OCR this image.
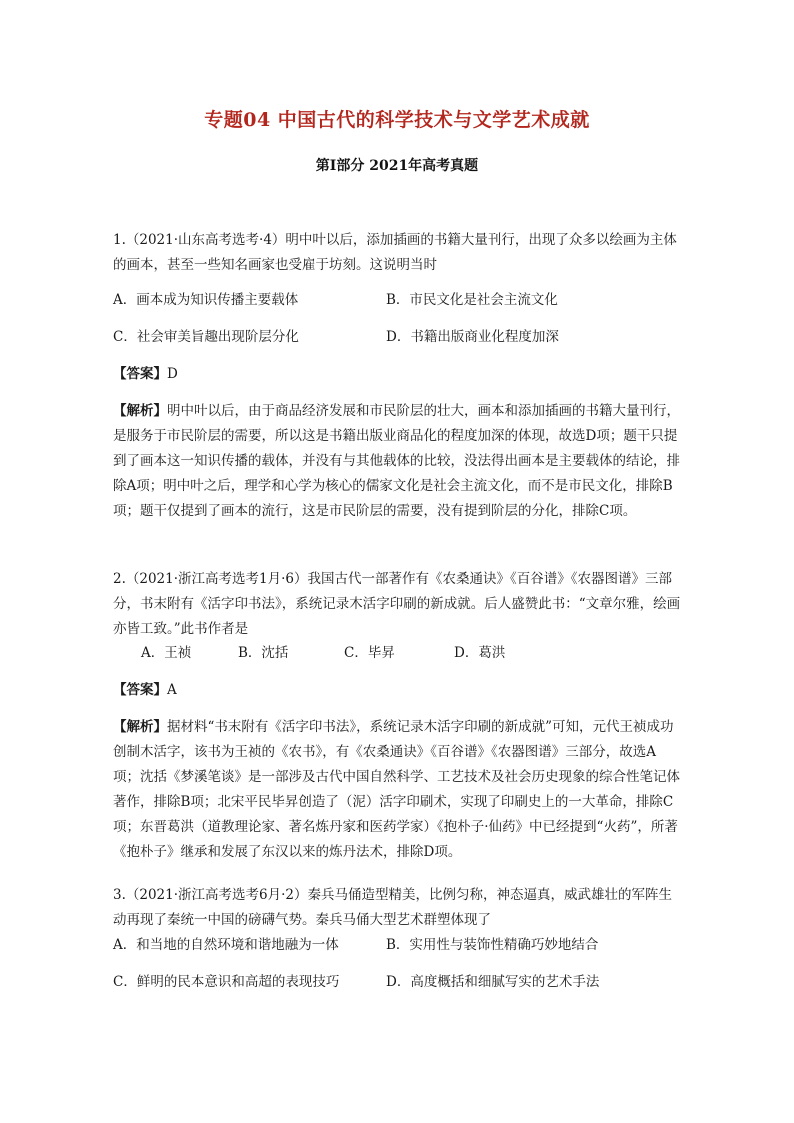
专题04 中国古代的科学技术与文学艺术成就
第Ⅰ部分 2021年高考真题
1.（2021·山东高考选考·4）明中叶以后，添加插画的书籍大量刊行，出现了众多以绘画为主体的画本，甚至一些知名画家也受雇于坊刻。这说明当时
A．画本成为知识传播主要载体	B．市民文化是社会主流文化
C．社会审美旨趣出现阶层分化	D．书籍出版商业化程度加深
【答案】D
【解析】明中叶以后，由于商品经济发展和市民阶层的壮大，画本和添加插画的书籍大量刊行，是服务于市民阶层的需要，所以这是书籍出版业商品化的程度加深的体现，故选D项；题干只提到了画本这一知识传播的载体，并没有与其他载体的比较，没法得出画本是主要载体的结论，排除A项；明中叶之后，理学和心学为核心的儒家文化是社会主流文化，而不是市民文化，排除B项；题干仅提到了画本的流行，这是市民阶层的需要，没有提到阶层的分化，排除C项。
2.（2021·浙江高考选考1月·6）我国古代一部著作有《农桑通诀》《百谷谱》《农器图谱》三部分，书末附有《活字印书法》，系统记录木活字印刷的新成就。后人盛赞此书：“文章尔雅，绘画亦皆工致。”此书作者是
A．王祯	B．沈括	C．毕昇	D．葛洪
【答案】A
【解析】据材料“书末附有《活字印书法》，系统记录木活字印刷的新成就”可知，元代王祯成功创制木活字，该书为王祯的《农书》，有《农桑通诀》《百谷谱》《农器图谱》三部分，故选A项；沈括《梦溪笔谈》是一部涉及古代中国自然科学、工艺技术及社会历史现象的综合性笔记体著作，排除B项；北宋平民毕昇创造了（泥）活字印刷术，实现了印刷史上的一大革命，排除C项；东晋葛洪（道教理论家、著名炼丹家和医药学家）《抱朴子·仙药》中已经提到“火药”，所著《抱朴子》继承和发展了东汉以来的炼丹法术，排除D项。
3.（2021·浙江高考选考6月·2）秦兵马俑造型精美，比例匀称，神态逼真，威武雄壮的军阵生动再现了秦统一中国的磅礴气势。秦兵马俑大型艺术群塑体现了
A．和当地的自然环境和谐地融为一体	B．实用性与装饰性精确巧妙地结合
C．鲜明的民本意识和高超的表现技巧	D．高度概括和细腻写实的艺术手法
